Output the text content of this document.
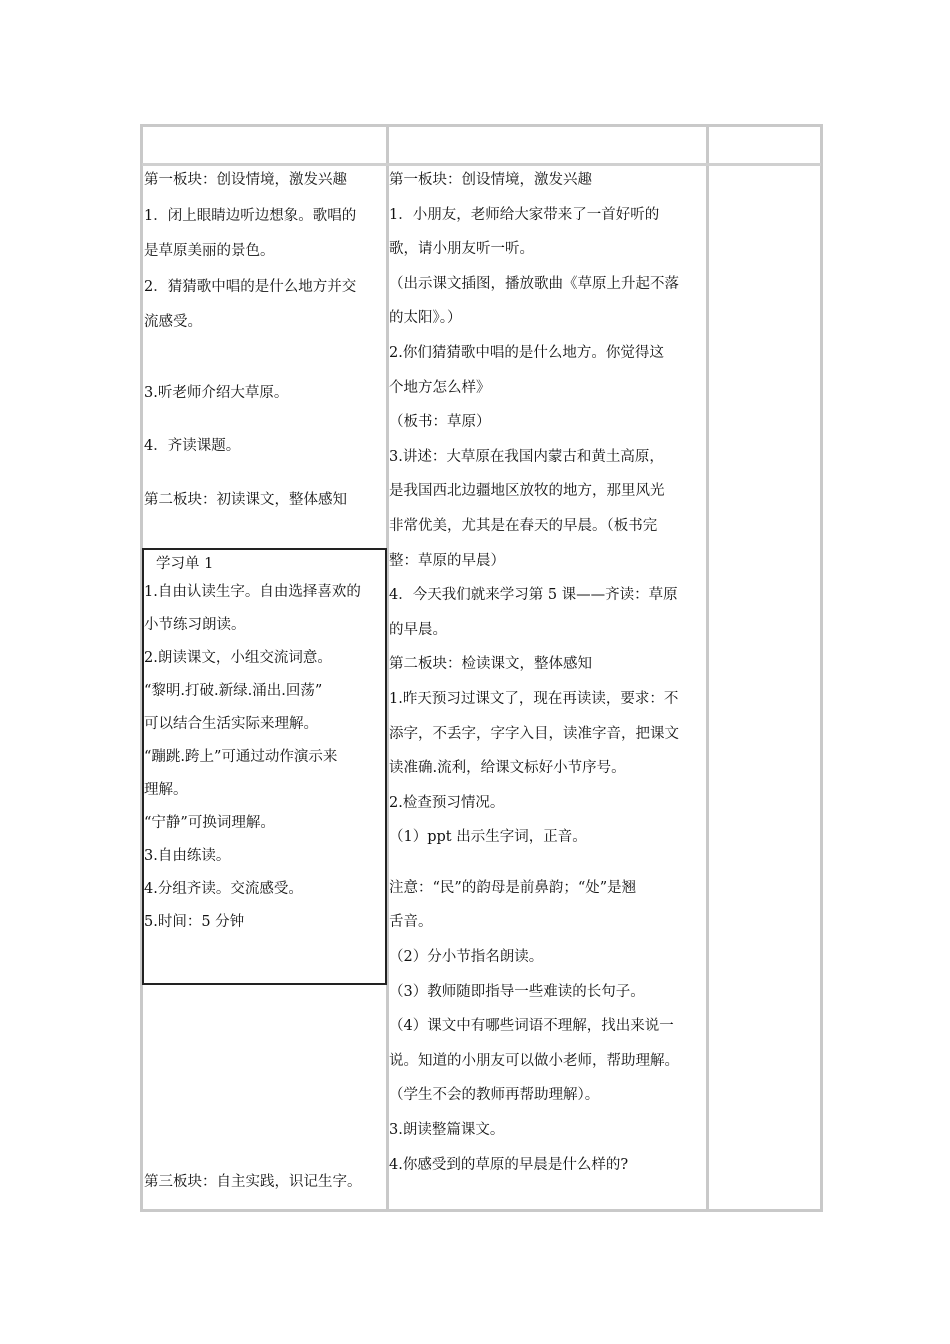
第一板块：创设情境，激发兴趣

1．闭上眼睛边听边想象。歌唱的

是草原美丽的景色。

2．猜猜歌中唱的是什么地方并交

流感受。

3.听老师介绍大草原。

4．齐读课题。

第二板块：初读课文，整体感知

学习单 1

1.自由认读生字。自由选择喜欢的

小节练习朗读。

2.朗读课文，小组交流词意。

“黎明.打破.新绿.涌出.回荡”

可以结合生活实际来理解。

“蹦跳.跨上”可通过动作演示来

理解。

“宁静”可换词理解。

3.自由练读。

4.分组齐读。交流感受。

5.时间：5 分钟

第三板块：自主实践，识记生字。

第一板块：创设情境，激发兴趣

1．小朋友，老师给大家带来了一首好听的

歌，请小朋友听一听。

（出示课文插图，播放歌曲《草原上升起不落

的太阳》。）

2.你们猜猜歌中唱的是什么地方。你觉得这

个地方怎么样》

（板书：草原）

3.讲述：大草原在我国内蒙古和黄土高原，

是我国西北边疆地区放牧的地方，那里风光

非常优美，尤其是在春天的早晨。（板书完

整：草原的早晨）

4．今天我们就来学习第 5 课——齐读：草原

的早晨。

第二板块：检读课文，整体感知

1.昨天预习过课文了，现在再读读，要求：不

添字，不丢字，字字入目，读准字音，把课文

读准确.流利，给课文标好小节序号。

2.检查预习情况。

（1）ppt 出示生字词，正音。

注意：“民”的韵母是前鼻韵；“处”是翘

舌音。

（2）分小节指名朗读。

（3）教师随即指导一些难读的长句子。

（4）课文中有哪些词语不理解，找出来说一

说。知道的小朋友可以做小老师，帮助理解。

（学生不会的教师再帮助理解）。

3.朗读整篇课文。

4.你感受到的草原的早晨是什么样的?
